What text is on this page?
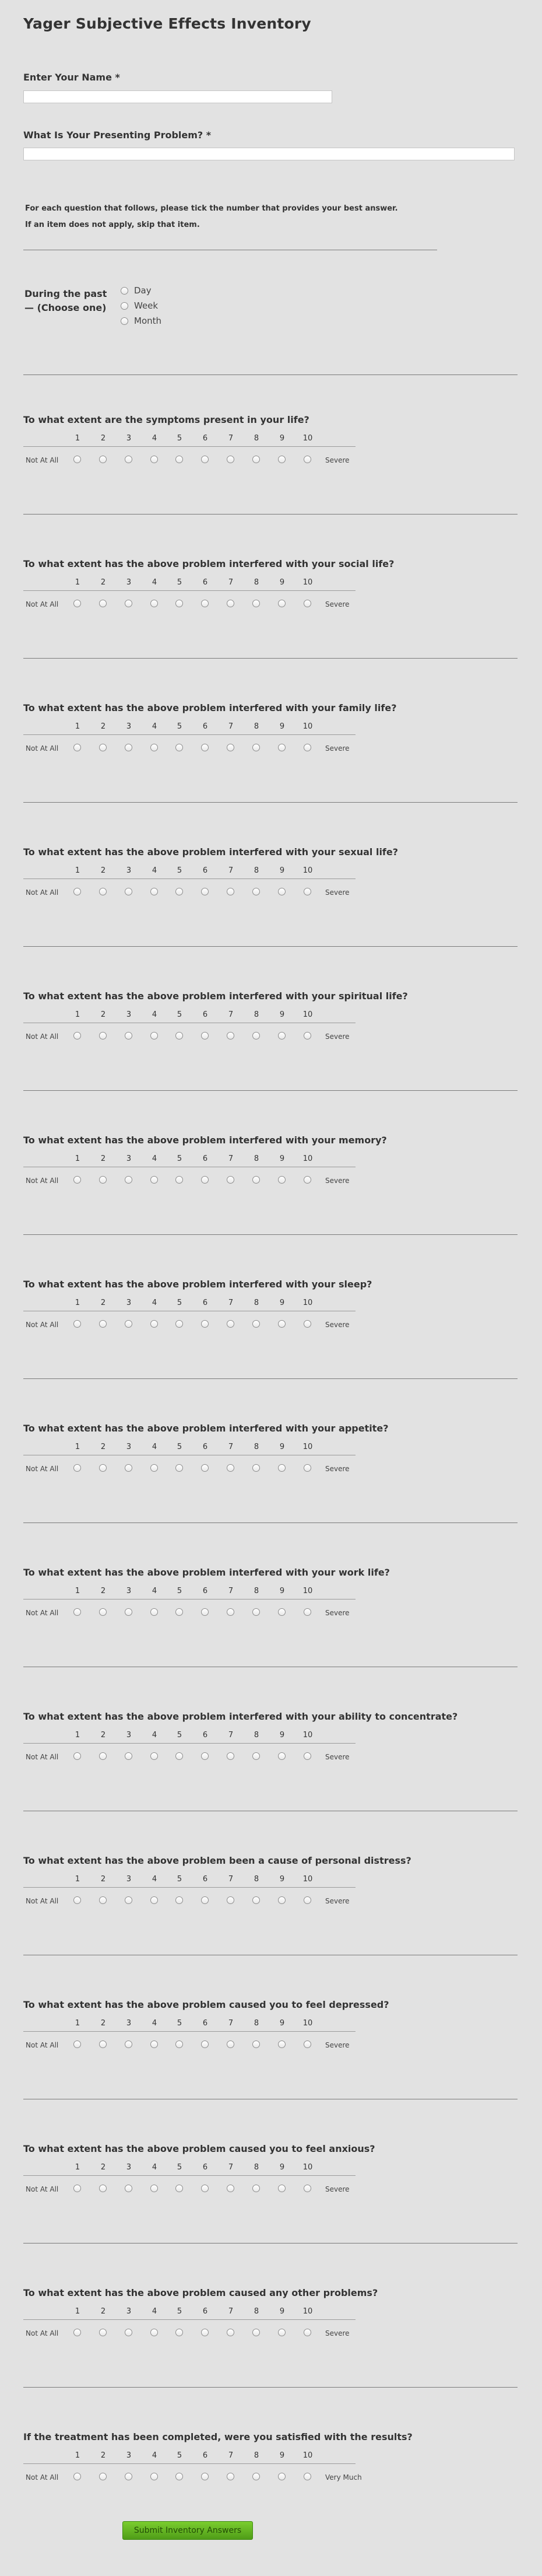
Yager Subjective Effects Inventory
Enter Your Name *
What Is Your Presenting Problem? *

For each question that follows, please tick the number that provides your best answer.

If an item does not apply, skip that item.

During the past — (Choose one)
Day
Week
Month
To what extent are the symptoms present in your life?
1	2	3	4	5	6	7	8	9	10
Not At All	Severe
To what extent has the above problem interfered with your social life?
1	2	3	4	5	6	7	8	9	10
Not At All	Severe
To what extent has the above problem interfered with your family life?
1	2	3	4	5	6	7	8	9	10
Not At All	Severe
To what extent has the above problem interfered with your sexual life?
1	2	3	4	5	6	7	8	9	10
Not At All	Severe
To what extent has the above problem interfered with your spiritual life?
1	2	3	4	5	6	7	8	9	10
Not At All	Severe
To what extent has the above problem interfered with your memory?
1	2	3	4	5	6	7	8	9	10
Not At All	Severe
To what extent has the above problem interfered with your sleep?
1	2	3	4	5	6	7	8	9	10
Not At All	Severe
To what extent has the above problem interfered with your appetite?
1	2	3	4	5	6	7	8	9	10
Not At All	Severe
To what extent has the above problem interfered with your work life?
1	2	3	4	5	6	7	8	9	10
Not At All	Severe
To what extent has the above problem interfered with your ability to concentrate?
1	2	3	4	5	6	7	8	9	10
Not At All	Severe
To what extent has the above problem been a cause of personal distress?
1	2	3	4	5	6	7	8	9	10
Not At All	Severe
To what extent has the above problem caused you to feel depressed?
1	2	3	4	5	6	7	8	9	10
Not At All	Severe
To what extent has the above problem caused you to feel anxious?
1	2	3	4	5	6	7	8	9	10
Not At All	Severe
To what extent has the above problem caused any other problems?
1	2	3	4	5	6	7	8	9	10
Not At All	Severe
If the treatment has been completed, were you satisfied with the results?
1	2	3	4	5	6	7	8	9	10
Not At All	Very Much
Submit Inventory Answers
